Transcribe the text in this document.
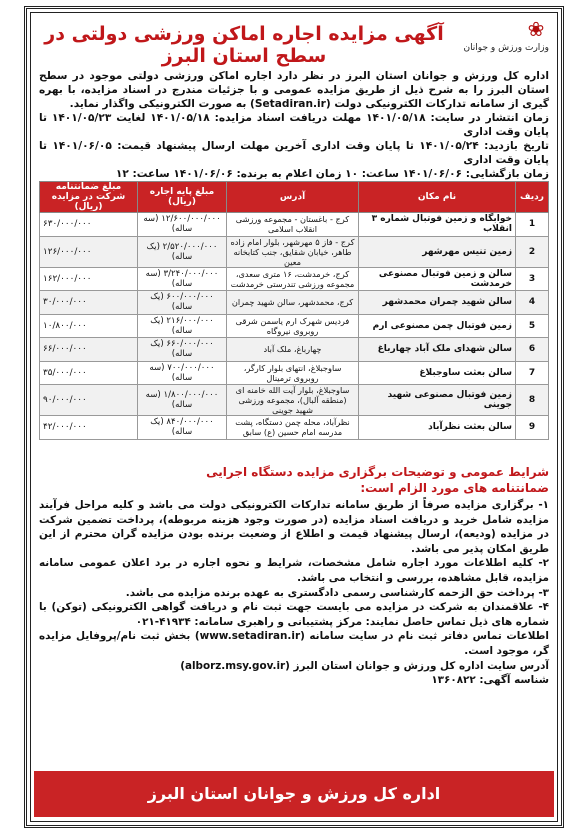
❀
وزارت ورزش و جوانان
آگهی مزایده اجاره اماکن ورزشی دولتی در سطح استان البرز

اداره کل ورزش و جوانان استان البرز در نظر دارد اجاره اماکن ورزشی دولتی موجود در سطح استان البرز را به شرح ذیل از طریق مزایده عمومی و با جزئیات مندرج در اسناد مزایده، با بهره گیری از سامانه تدارکات الکترونیکی دولت (Setadiran.ir) به صورت الکترونیکی واگذار نماید.

زمان انتشار در سایت: ۱۴۰۱/۰۵/۱۸ مهلت دریافت اسناد مزایده: ۱۴۰۱/۰۵/۱۸ لغایت ۱۴۰۱/۰۵/۲۳ تا پایان وقت اداری

تاریخ بازدید: ۱۴۰۱/۰۵/۲۴ تا پایان وقت اداری آخرین مهلت ارسال پیشنهاد قیمت: ۱۴۰۱/۰۶/۰۵ تا پایان وقت اداری

زمان بازگشایی: ۱۴۰۱/۰۶/۰۶ ساعت: ۱۰ زمان اعلام به برنده: ۱۴۰۱/۰۶/۰۶ ساعت: ۱۲

ردیف	نام مکان	آدرس	مبلغ پایه اجاره (ریال)	مبلغ ضمانتنامه شرکت در مزایده (ریال)
1	خوابگاه و زمین فوتبال شماره ۳ انقلاب	کرج - باغستان - مجموعه ورزشی انقلاب اسلامی	۱۲/۶۰۰/۰۰۰/۰۰۰ (سه ساله)	۶۳۰/۰۰۰/۰۰۰
2	زمین تنیس مهرشهر	کرج - فاز ۵ مهرشهر، بلوار امام زاده طاهر، خیابان شقایق، جنب کتابخانه معین	۲/۵۲۰/۰۰۰/۰۰۰ (یک ساله)	۱۲۶/۰۰۰/۰۰۰
3	سالن و زمین فوتبال مصنوعی خرمدشت	کرج، خرمدشت، ۱۶ متری سعدی، مجموعه ورزشی تندرستی خرمدشت	۳/۲۴۰/۰۰۰/۰۰۰ (سه ساله)	۱۶۲/۰۰۰/۰۰۰
4	سالن شهید چمران محمدشهر	کرج، محمدشهر، سالن شهید چمران	۶۰۰/۰۰۰/۰۰۰ (یک ساله)	۳۰/۰۰۰/۰۰۰
5	زمین فوتبال چمن مصنوعی ارم	فردیس شهرک ارم یاسمن شرقی روبروی نیروگاه	۲۱۶/۰۰۰/۰۰۰ (یک ساله)	۱۰/۸۰۰/۰۰۰
6	سالن شهدای ملک آباد چهارباغ	چهارباغ، ملک آباد	۶۶۰/۰۰۰/۰۰۰ (یک ساله)	۶۶/۰۰۰/۰۰۰
7	سالن بعثت ساوجبلاغ	ساوجبلاغ، انتهای بلوار کارگر، روبروی ترمینال	۷۰۰/۰۰۰/۰۰۰ (سه ساله)	۳۵/۰۰۰/۰۰۰
8	زمین فوتبال مصنوعی شهید جوینی	ساوجبلاغ، بلوار آیت الله خامنه ای (منطقه آلبال)، مجموعه ورزشی شهید جوینی	۱/۸۰۰/۰۰۰/۰۰۰ (سه ساله)	۹۰/۰۰۰/۰۰۰
9	سالن بعثت نظرآباد	نظرآباد، محله چمن دستگاه، پشت مدرسه امام حسین (ع) سابق	۸۴۰/۰۰۰/۰۰۰ (یک ساله)	۴۲/۰۰۰/۰۰۰

شرایط عمومی و توضیحات برگزاری مزایده دستگاه اجرایی

ضمانتنامه های مورد الزام است:

۱- برگزاری مزایده صرفاً از طریق سامانه تدارکات الکترونیکی دولت می باشد و کلیه مراحل فرآیند مزایده شامل خرید و دریافت اسناد مزایده (در صورت وجود هزینه مربوطه)، پرداخت تضمین شرکت در مزایده (ودیعه)، ارسال پیشنهاد قیمت و اطلاع از وضعیت برنده بودن مزایده گران محترم از این طریق امکان پذیر می باشد.

۲- کلیه اطلاعات مورد اجاره شامل مشخصات، شرایط و نحوه اجاره در برد اعلان عمومی سامانه مزایده، قابل مشاهده، بررسی و انتخاب می باشد.

۳- پرداخت حق الزحمه کارشناسی رسمی دادگستری به عهده برنده مزایده می باشد.

۴- علاقمندان به شرکت در مزایده می بایست جهت ثبت نام و دریافت گواهی الکترونیکی (توکن) با شماره های ذیل تماس حاصل نمایند: مرکز پشتیبانی و راهبری سامانه: ۴۱۹۳۴-۰۲۱

اطلاعات تماس دفاتر ثبت نام در سایت سامانه (www.setadiran.ir) بخش ثبت نام/پروفایل مزایده گر، موجود است.

آدرس سایت اداره کل ورزش و جوانان استان البرز (alborz.msy.gov.ir)

شناسه آگهی: ۱۳۶۰۸۲۲

اداره کل ورزش و جوانان استان البرز
